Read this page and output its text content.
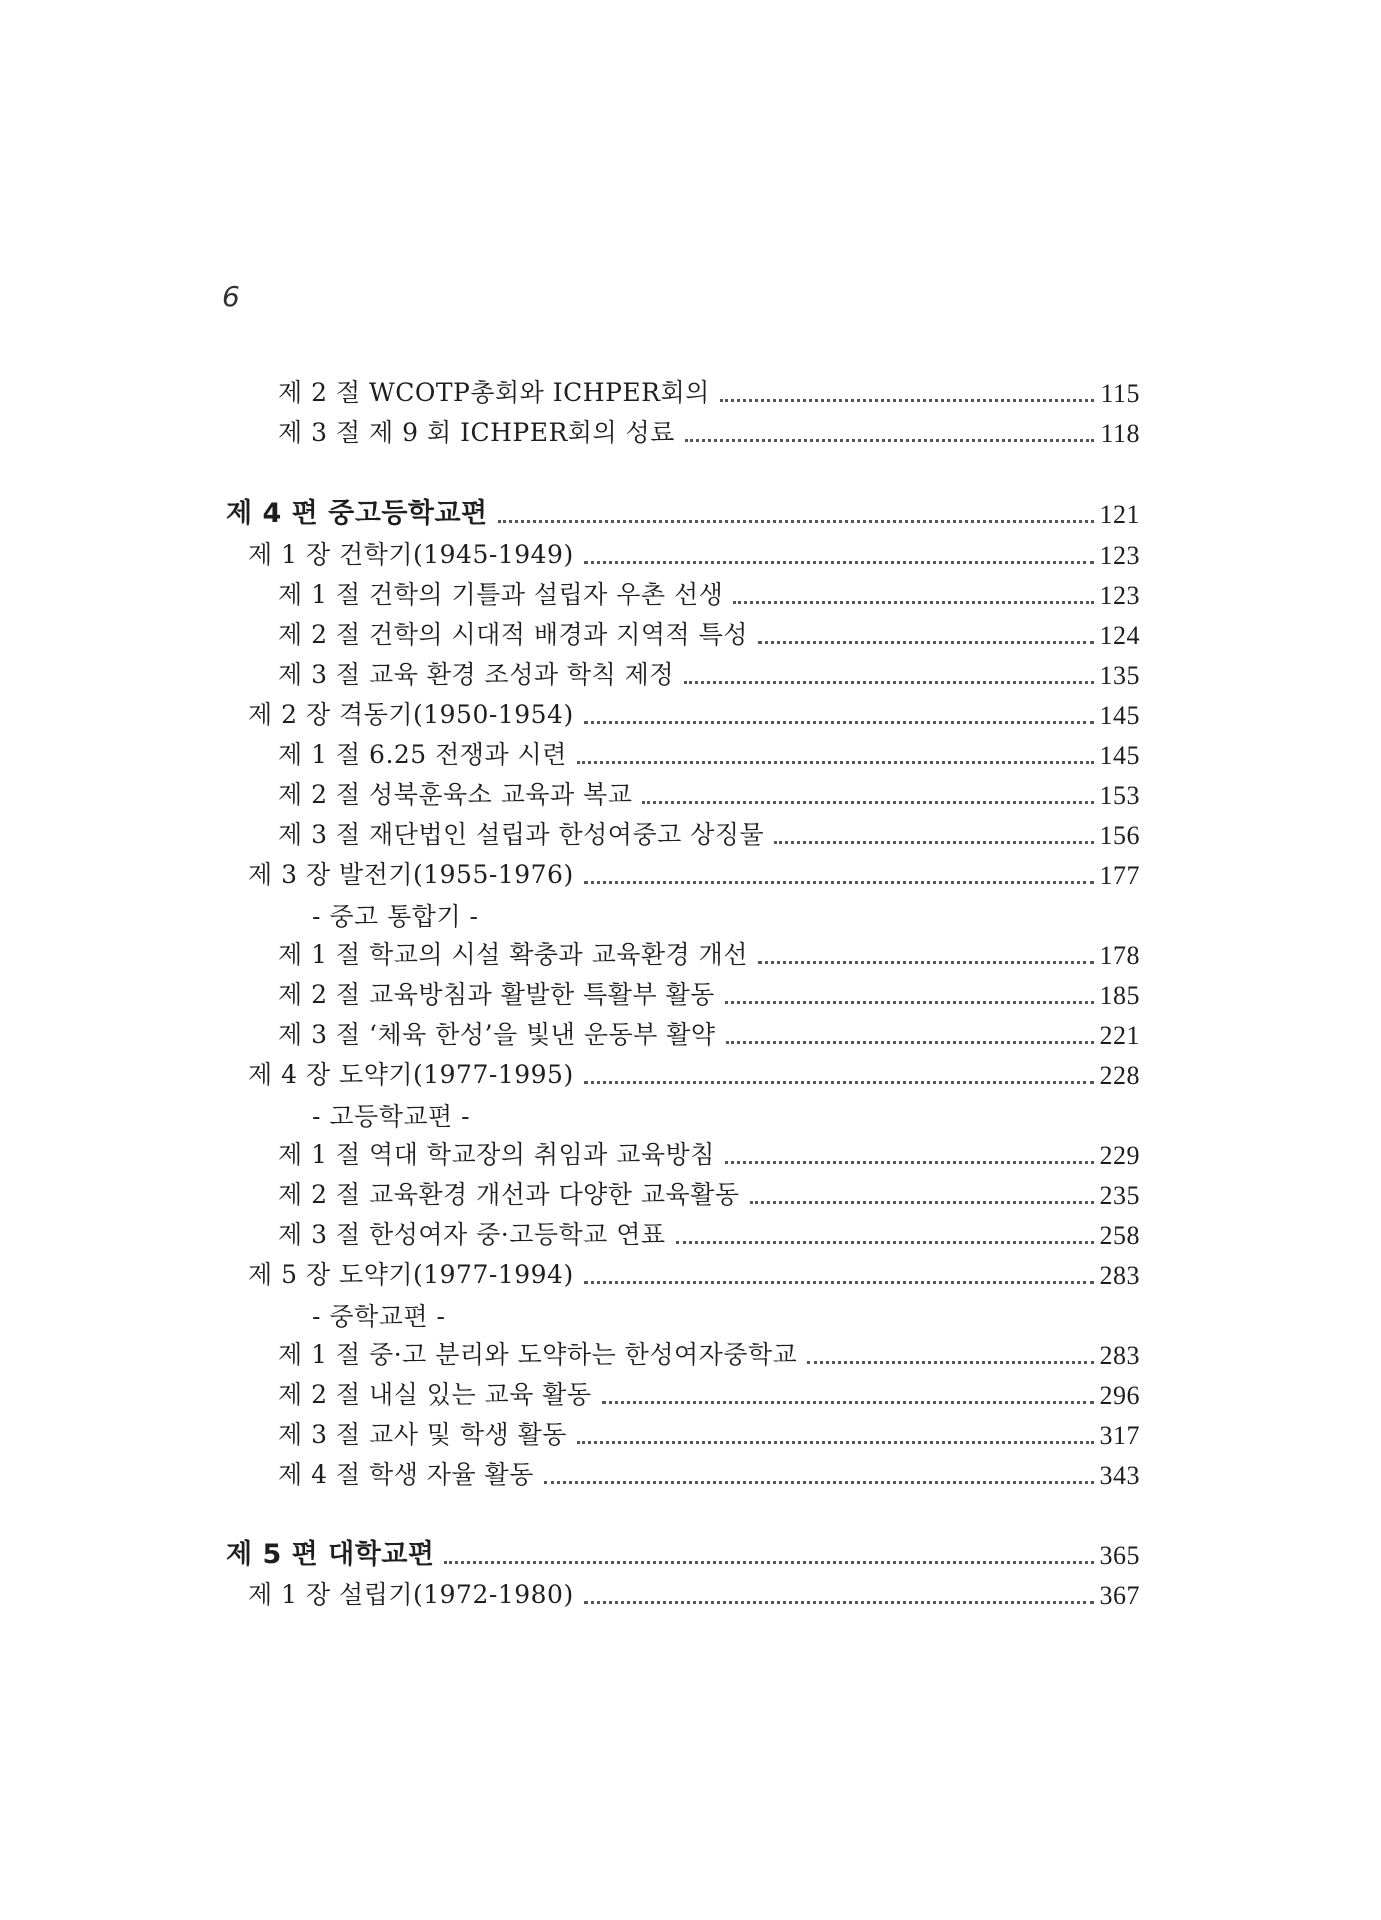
6
제 2 절 WCOTP총회와 ICHPER회의	115
제 3 절 제 9 회 ICHPER회의 성료	118
제 4 편 중고등학교편	121
제 1 장 건학기(1945-1949)	123
제 1 절 건학의 기틀과 설립자 우촌 선생	123
제 2 절 건학의 시대적 배경과 지역적 특성	124
제 3 절 교육 환경 조성과 학칙 제정	135
제 2 장 격동기(1950-1954)	145
제 1 절 6.25 전쟁과 시련	145
제 2 절 성북훈육소 교육과 복교	153
제 3 절 재단법인 설립과 한성여중고 상징물	156
제 3 장 발전기(1955-1976)	177
- 중고 통합기 -
제 1 절 학교의 시설 확충과 교육환경 개선	178
제 2 절 교육방침과 활발한 특활부 활동	185
제 3 절 ‘체육 한성’을 빛낸 운동부 활약	221
제 4 장 도약기(1977-1995)	228
- 고등학교편 -
제 1 절 역대 학교장의 취임과 교육방침	229
제 2 절 교육환경 개선과 다양한 교육활동	235
제 3 절 한성여자 중·고등학교 연표	258
제 5 장 도약기(1977-1994)	283
- 중학교편 -
제 1 절 중·고 분리와 도약하는 한성여자중학교	283
제 2 절 내실 있는 교육 활동	296
제 3 절 교사 및 학생 활동	317
제 4 절 학생 자율 활동	343
제 5 편 대학교편	365
제 1 장 설립기(1972-1980)	367
